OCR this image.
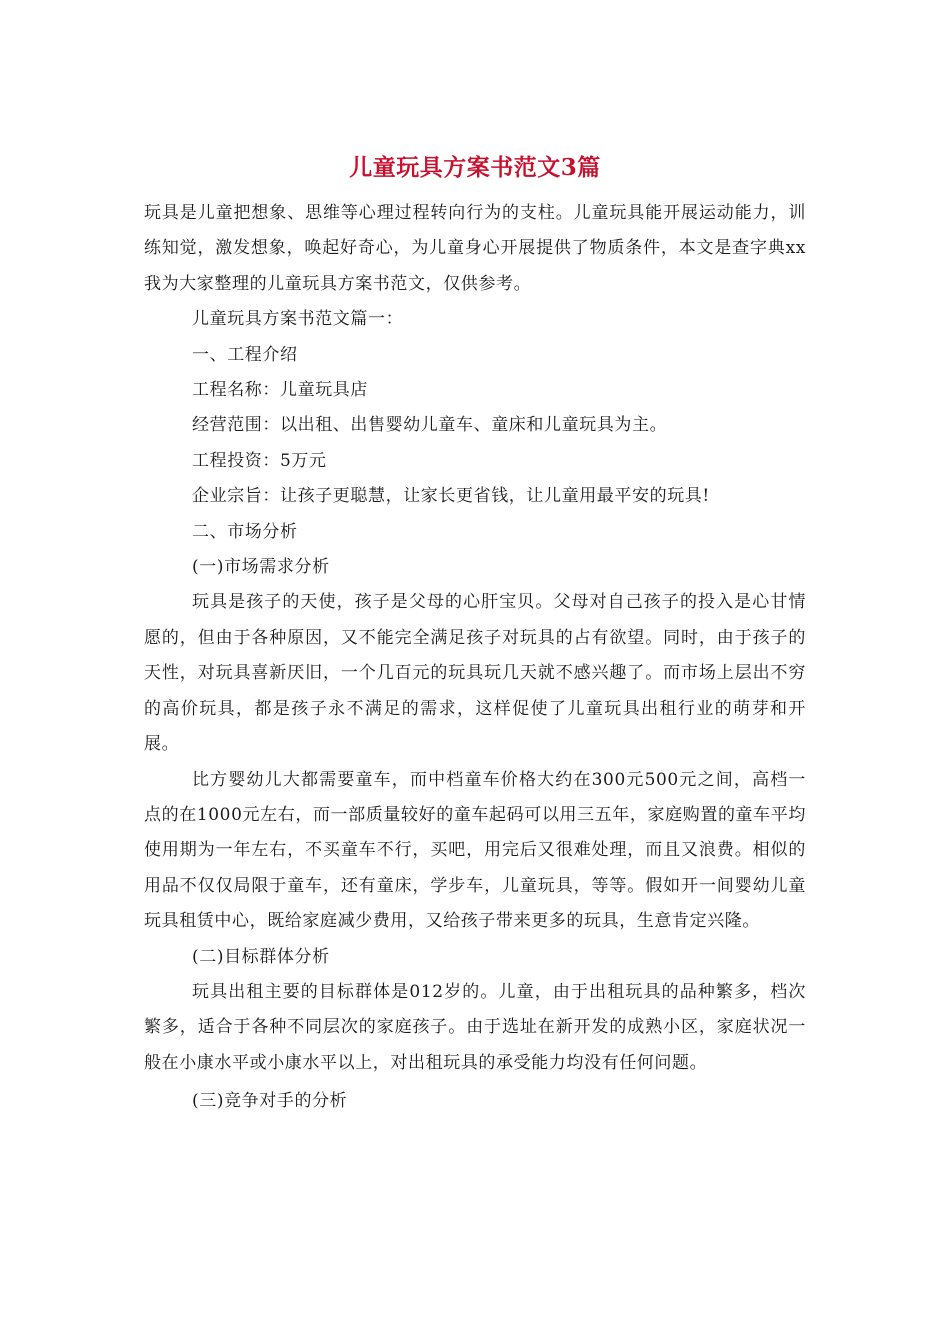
儿童玩具方案书范文3篇

玩具是儿童把想象、思维等心理过程转向行为的支柱。儿童玩具能开展运动能力，训练知觉，激发想象，唤起好奇心，为儿童身心开展提供了物质条件，本文是查字典xx我为大家整理的儿童玩具方案书范文，仅供参考。

儿童玩具方案书范文篇一：

一、工程介绍

工程名称：儿童玩具店

经营范围：以出租、出售婴幼儿童车、童床和儿童玩具为主。

工程投资：5万元

企业宗旨：让孩子更聪慧，让家长更省钱，让儿童用最平安的玩具!

二、市场分析

(一)市场需求分析

玩具是孩子的天使，孩子是父母的心肝宝贝。父母对自己孩子的投入是心甘情愿的，但由于各种原因，又不能完全满足孩子对玩具的占有欲望。同时，由于孩子的天性，对玩具喜新厌旧，一个几百元的玩具玩几天就不感兴趣了。而市场上层出不穷的高价玩具，都是孩子永不满足的需求，这样促使了儿童玩具出租行业的萌芽和开展。

比方婴幼儿大都需要童车，而中档童车价格大约在300元500元之间，高档一点的在1000元左右，而一部质量较好的童车起码可以用三五年，家庭购置的童车平均使用期为一年左右，不买童车不行，买吧，用完后又很难处理，而且又浪费。相似的用品不仅仅局限于童车，还有童床，学步车，儿童玩具，等等。假如开一间婴幼儿童玩具租赁中心，既给家庭减少费用，又给孩子带来更多的玩具，生意肯定兴隆。

(二)目标群体分析

玩具出租主要的目标群体是012岁的。儿童，由于出租玩具的品种繁多，档次繁多，适合于各种不同层次的家庭孩子。由于选址在新开发的成熟小区，家庭状况一般在小康水平或小康水平以上，对出租玩具的承受能力均没有任何问题。

(三)竞争对手的分析
